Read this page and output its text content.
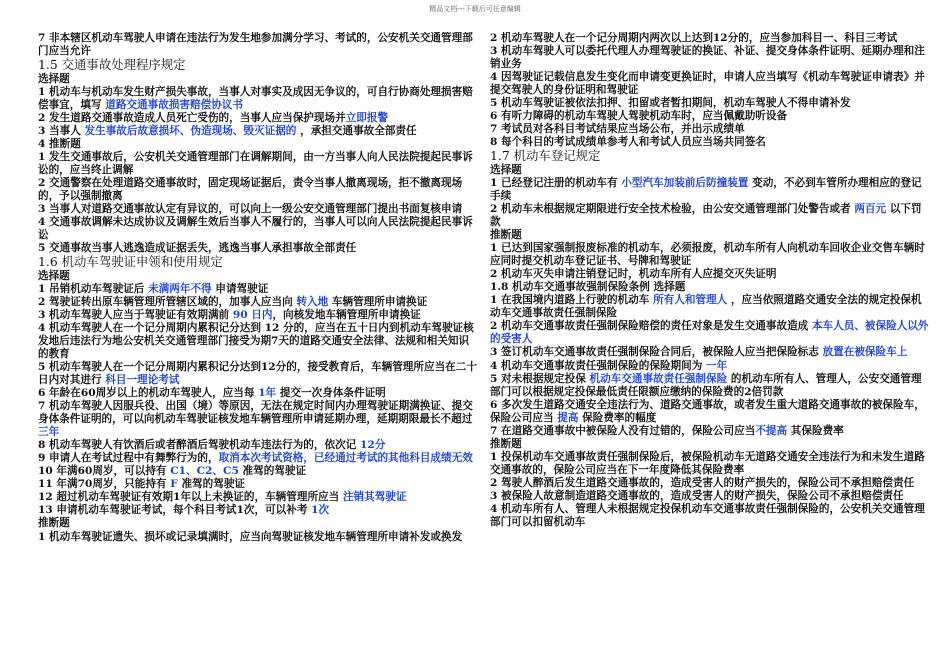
精品文档---下载后可任意编辑
7 非本辖区机动车驾驶人申请在违法行为发生地参加满分学习、考试的，公安机关交通管理部门应当允许
1.5 交通事故处理程序规定
选择题
1 机动车与机动车发生财产损失事故，当事人对事实及成因无争议的，可自行协商处理损害赔偿事宜，填写 道路交通事故损害赔偿协议书
2 发生道路交通事故造成人员死亡受伤的，当事人应当保护现场并立即报警
3 当事人 发生事故后故意损坏、伪造现场、毁灭证据的 ，承担交通事故全部责任
4 推断题
1 发生交通事故后，公安机关交通管理部门在调解期间，由一方当事人向人民法院提起民事诉讼的，应当终止调解
2 交通警察在处理道路交通事故时，固定现场证据后，责令当事人撤离现场，拒不撤离现场的，予以强制撤离
3 当事人对道路交通事故认定有异议的，可以向上一级公安交通管理部门提出书面复核申请
4 交通事故调解未达成协议及调解生效后当事人不履行的，当事人可以向人民法院提起民事诉讼
5 交通事故当事人逃逸造成证据丢失，逃逸当事人承担事故全部责任
1.6 机动车驾驶证申领和使用规定
选择题
1 吊销机动车驾驶证后 未满两年不得 申请驾驶证
2 驾驶证转出原车辆管理所管辖区域的，加事人应当向 转入地 车辆管理所申请换证
3 机动车驾驶人应当于驾驶证有效期满前 90 日内，向核发地车辆管理所申请换证
4 机动车驾驶人在一个记分周期内累积记分达到 12 分的，应当在五十日内到机动车驾驶证核发地后违法行为地公安机关交通管理部门接受为期7天的道路交通安全法律、法规和相关知识的教育
5 机动车驾驶人在一个记分周期内累积记分达到12分的，接受教育后，车辆管理所应当在二十日内对其进行 科目一理论考试
6 年龄在60周岁以上的机动车驾驶人，应当每 1年 提交一次身体条件证明
7 机动车驾驶人因服兵役、出国（境）等原因，无法在规定时间内办理驾驶证期满换证、提交身体条件证明的，可以向机动车驾驶证核发地车辆管理所申请延期办理，延期期限最长不超过 三年
8 机动车驾驶人有饮酒后或者醉酒后驾驶机动车违法行为的，依次记 12分
9 申请人在考试过程中有舞弊行为的，取消本次考试资格，已经通过考试的其他科目成绩无效
10 年满60周岁，可以持有 C1、C2、C5 准驾的驾驶证
11 年满70周岁，只能持有 F 准驾的驾驶证
12 超过机动车驾驶证有效期1年以上未换证的，车辆管理所应当 注销其驾驶证
13 申请机动车驾驶证考试，每个科目考试1次，可以补考 1次
推断题
1 机动车驾驶证遗失、损坏或记录填满时，应当向驾驶证核发地车辆管理所申请补发或换发
2 机动车驾驶人在一个记分周期内两次以上达到12分的，应当参加科目一、科目三考试
3 机动车驾驶人可以委托代理人办理驾驶证的换证、补证、提交身体条件证明、延期办理和注销业务
4 因驾驶证记载信息发生变化而申请变更换证时，申请人应当填写《机动车驾驶证申请表》并提交驾驶人的身份证明和驾驶证
5 机动车驾驶证被依法扣押、扣留或者暂扣期间，机动车驾驶人不得申请补发
6 有听力障碍的机动车驾驶人驾驶机动车时，应当佩戴助听设备
7 考试员对各科目考试结果应当场公布，并出示成绩单
8 每个科目的考试成绩单参考人和考试人员应当场共同签名
1.7 机动车登记规定
选择题
1 已经登记注册的机动车有 小型汽车加装前后防撞装置 变动，不必到车管所办理相应的登记手续
2 机动车未根据规定期限进行安全技术检验，由公安交通管理部门处警告或者 两百元 以下罚款
推断题
1 已达到国家强制报废标准的机动车，必须报废，机动车所有人向机动车回收企业交售车辆时应同时提交机动车登记证书、号牌和驾驶证
2 机动车灭失申请注销登记时，机动车所有人应提交灭失证明
1.8 机动车交通事故强制保险条例 选择题
1 在我国境内道路上行驶的机动车 所有人和管理人 ，应当依照道路交通安全法的规定投保机动车交通事故责任强制保险
2 机动车交通事故责任强制保险赔偿的责任对象是发生交通事故造成 本车人员、被保险人以外的受害人
3 签订机动车交通事故责任强制保险合同后，被保险人应当把保险标志 放置在被保险车上
4 机动车交通事故责任强制保险的保险期间为 一年
5 对未根据规定投保 机动车交通事故责任强制保险 的机动车所有人、管理人，公安交通管理部门可以根据规定投保最低责任限额应缴纳的保险费的2倍罚款
6 多次发生道路交通安全违法行为、道路交通事故，或者发生重大道路交通事故的被保险车，保险公司应当 提高 保险费率的幅度
7 在道路交通事故中被保险人没有过错的，保险公司应当不提高 其保险费率
推断题
1 投保机动车交通事故责任强制保险后，被保险机动车无道路交通安全违法行为和未发生道路交通事故的，保险公司应当在下一年度降低其保险费率
2 驾驶人醉酒后发生道路交通事故的，造成受害人的财产损失的，保险公司不承担赔偿责任
3 被保险人故意制造道路交通事故的，造成受害人的财产损失，保险公司不承担赔偿责任
4 机动车所有人、管理人未根据规定投保机动车交通事故责任强制保险的，公安机关交通管理部门可以扣留机动车
